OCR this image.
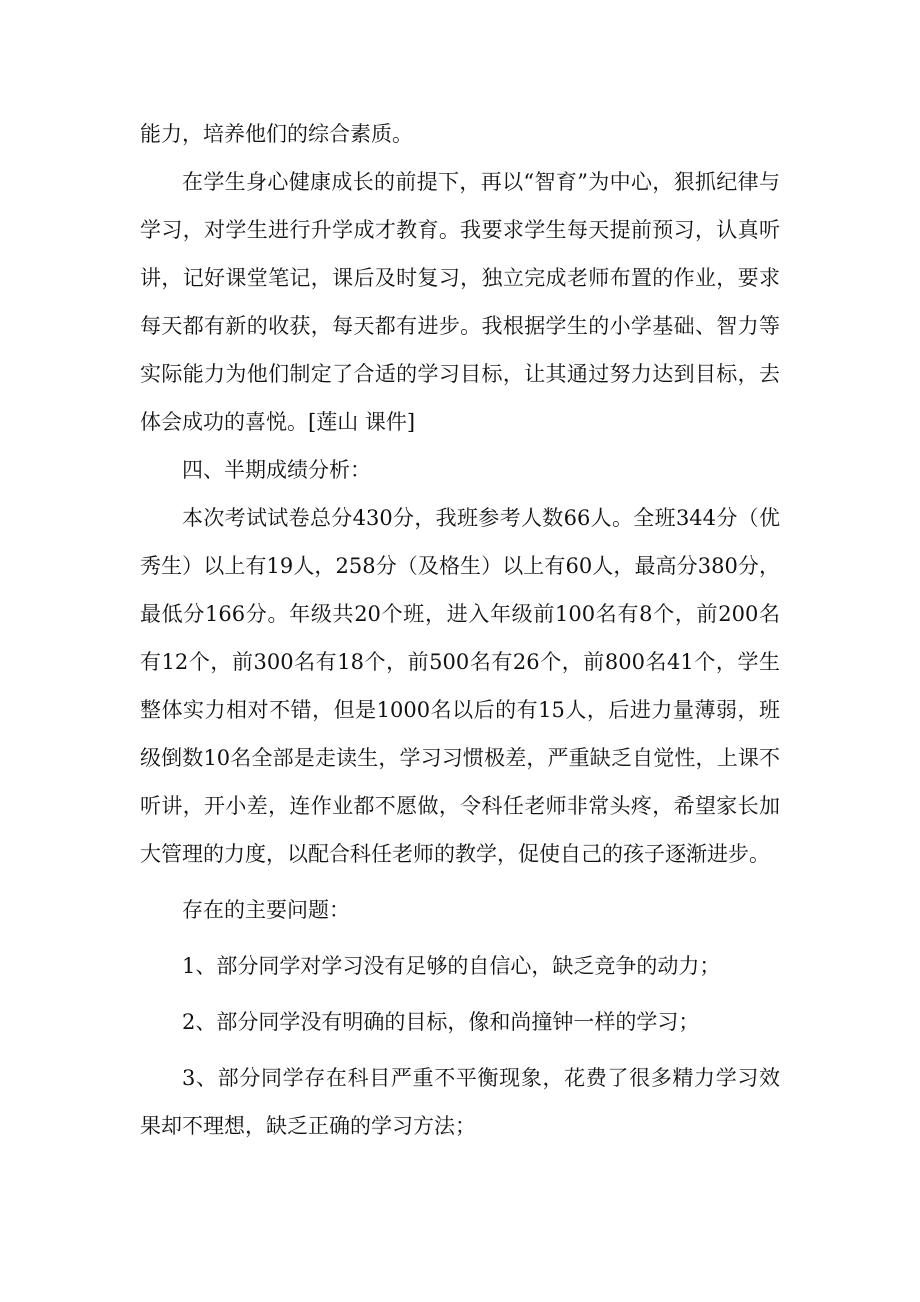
能力，培养他们的综合素质。

在学生身心健康成长的前提下，再以“智育”为中心，狠抓纪律与学习，对学生进行升学成才教育。我要求学生每天提前预习，认真听讲，记好课堂笔记，课后及时复习，独立完成老师布置的作业，要求每天都有新的收获，每天都有进步。我根据学生的小学基础、智力等实际能力为他们制定了合适的学习目标，让其通过努力达到目标，去体会成功的喜悦。[莲山 课件]

四、半期成绩分析：

本次考试试卷总分430分，我班参考人数66人。全班344分（优秀生）以上有19人，258分（及格生）以上有60人，最高分380分，最低分166分。年级共20个班，进入年级前100名有8个，前200名有12个，前300名有18个，前500名有26个，前800名41个，学生整体实力相对不错，但是1000名以后的有15人，后进力量薄弱，班级倒数10名全部是走读生，学习习惯极差，严重缺乏自觉性，上课不听讲，开小差，连作业都不愿做，令科任老师非常头疼，希望家长加大管理的力度，以配合科任老师的教学，促使自己的孩子逐渐进步。

存在的主要问题：

1、部分同学对学习没有足够的自信心，缺乏竞争的动力；

2、部分同学没有明确的目标，像和尚撞钟一样的学习；

3、部分同学存在科目严重不平衡现象，花费了很多精力学习效果却不理想，缺乏正确的学习方法；
